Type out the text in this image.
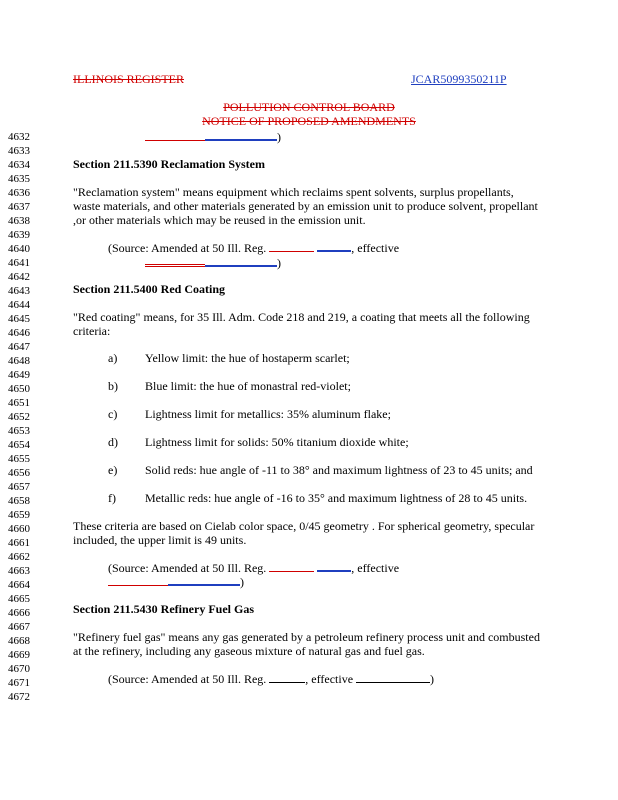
ILLINOIS REGISTER	JCAR5099350211P
POLLUTION CONTROL BOARD
NOTICE OF PROPOSED AMENDMENTS
4632
4633
4634
4635
4636
4637
4638
4639
4640
4641
4642
4643
4644
4645
4646
4647
4648
4649
4650
4651
4652
4653
4654
4655
4656
4657
4658
4659
4660
4661
4662
4663
4664
4665
4666
4667
4668
4669
4670
4671
4672
)
Section 211.5390 Reclamation System
"Reclamation system" means equipment which reclaims spent solvents, surplus propellants,
waste materials, and other materials generated by an emission unit to produce solvent, propellant
,or other materials which may be reused in the emission unit.
(Source: Amended at 50 Ill. Reg.	, effective
)
Section 211.5400 Red Coating
"Red coating" means, for 35 Ill. Adm. Code 218 and 219, a coating that meets all the following
criteria:
a) Yellow limit: the hue of hostaperm scarlet;
b) Blue limit: the hue of monastral red-violet;
c) Lightness limit for metallics: 35% aluminum flake;
d) Lightness limit for solids: 50% titanium dioxide white;
e) Solid reds: hue angle of -11 to 38° and maximum lightness of 23 to 45 units; and
f) Metallic reds: hue angle of -16 to 35° and maximum lightness of 28 to 45 units.
These criteria are based on Cielab color space, 0/45 geometry . For spherical geometry, specular
included, the upper limit is 49 units.
(Source: Amended at 50 Ill. Reg.	, effective
)
Section 211.5430 Refinery Fuel Gas
"Refinery fuel gas" means any gas generated by a petroleum refinery process unit and combusted
at the refinery, including any gaseous mixture of natural gas and fuel gas.
(Source: Amended at 50 Ill. Reg.	, effective	)
